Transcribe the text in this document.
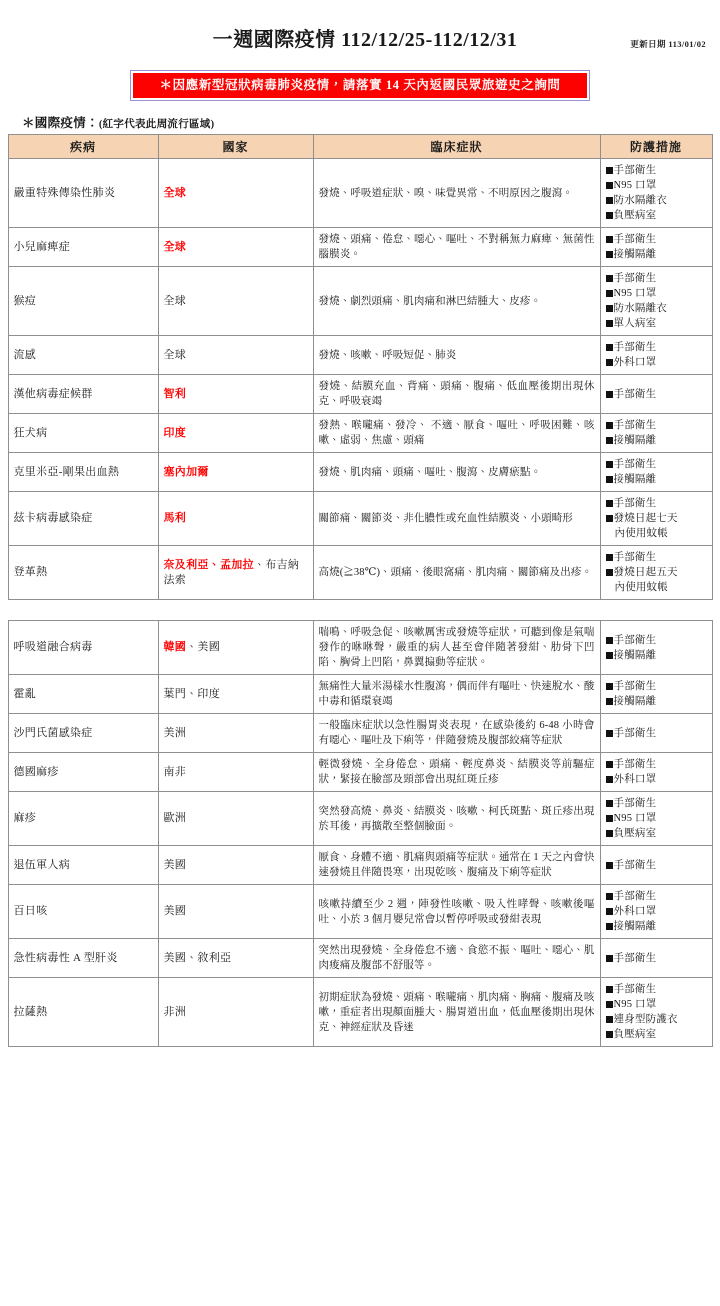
一週國際疫情 112/12/25-112/12/31	更新日期 113/01/02
＊因應新型冠狀病毒肺炎疫情，請落實 14 天內返國民眾旅遊史之詢問
＊國際疫情：(紅字代表此周流行區域)
疾病	國家	臨床症狀	防護措施
嚴重特殊傳染性肺炎	全球	發燒、呼吸道症狀、嗅、味覺異常、不明原因之腹瀉。	手部衛生
N95 口罩
防水隔離衣
負壓病室

小兒麻痺症	全球	發燒、頭痛、倦怠、噁心、嘔吐、不對稱無力麻痺、無菌性腦膜炎。	手部衛生
接觸隔離

猴痘	全球	發燒、劇烈頭痛、肌肉痛和淋巴結腫大、皮疹。	手部衛生
N95 口罩
防水隔離衣
單人病室

流感	全球	發燒、咳嗽、呼吸短促、肺炎	手部衛生
外科口罩

漢他病毒症候群	智利	發燒、結膜充血、背痛、頭痛、腹痛、低血壓後期出現休克、呼吸衰竭	手部衛生

狂犬病	印度	發熱、喉嚨痛、發冷、 不適、厭食、嘔吐、呼吸困難、咳嗽、虛弱、焦慮、頭痛	手部衛生
接觸隔離

克里米亞-剛果出血熱	塞內加爾	發燒、肌肉痛、頭痛、嘔吐、腹瀉、皮膚瘀點。	手部衛生
接觸隔離

茲卡病毒感染症	馬利	關節痛、關節炎、非化膿性或充血性結膜炎、小頭畸形	手部衛生
發燒日起七天
內使用蚊帳

登革熱	奈及利亞、孟加拉、布吉納法索	高燒(≧38℃)、頭痛、後眼窩痛、肌肉痛、關節痛及出疹。	手部衛生
發燒日起五天
內使用蚊帳
呼吸道融合病毒	韓國、美國	喘鳴、呼吸急促、咳嗽厲害或發燒等症狀，可聽到像是氣喘發作的咻咻聲，嚴重的病人甚至會伴隨著發紺、肋骨下凹陷、胸骨上凹陷，鼻翼搧動等症狀。	手部衛生
接觸隔離

霍亂	葉門、印度	無痛性大量米湯樣水性腹瀉，偶而伴有嘔吐、快速脫水、酸中毒和循環衰竭	手部衛生
接觸隔離

沙門氏菌感染症	美洲	一般臨床症狀以急性腸胃炎表現，在感染後約 6-48 小時會有噁心、嘔吐及下痢等，伴隨發燒及腹部絞痛等症狀	手部衛生

德國麻疹	南非	輕微發燒、全身倦怠、頭痛、輕度鼻炎、結膜炎等前驅症狀，緊接在臉部及頸部會出現紅斑丘疹	手部衛生
外科口罩

麻疹	歐洲	突然發高燒、鼻炎、結膜炎、咳嗽、柯氏斑點、斑丘疹出現於耳後，再擴散至整個臉面。	手部衛生
N95 口罩
負壓病室

退伍軍人病	美國	厭食、身體不適、肌痛與頭痛等症狀。通常在 1 天之內會快速發燒且伴隨畏寒，出現乾咳、腹痛及下痢等症狀	手部衛生

百日咳	美國	咳嗽持續至少 2 週，陣發性咳嗽、吸入性哮聲、咳嗽後嘔吐、小於 3 個月嬰兒常會以暫停呼吸或發紺表現	手部衛生
外科口罩
接觸隔離

急性病毒性 A 型肝炎	美國、敘利亞	突然出現發燒、全身倦怠不適、食慾不振、嘔吐、噁心、肌肉痠痛及腹部不舒服等。	手部衛生

拉薩熱	非洲	初期症狀為發燒、頭痛、喉嚨痛、肌肉痛、胸痛、腹痛及咳嗽，重症者出現顏面腫大、腸胃道出血，低血壓後期出現休克、神經症狀及昏迷	手部衛生
N95 口罩
連身型防護衣
負壓病室
